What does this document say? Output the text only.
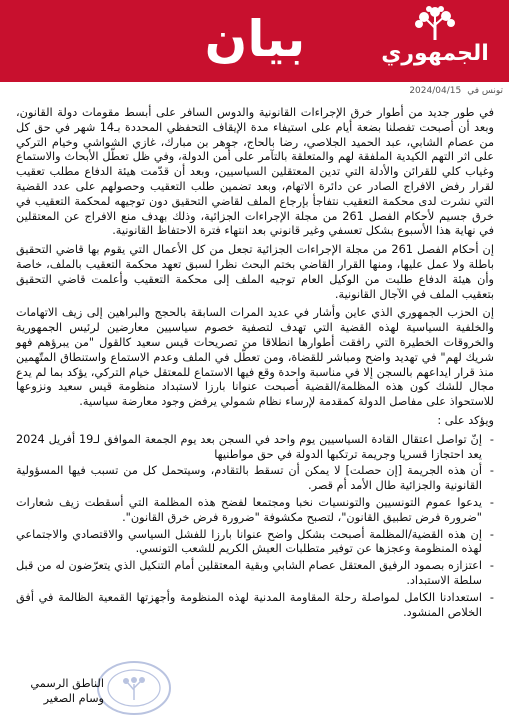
بيان	الجمهوري
تونس في2024/04/15

في طور جديد من أطوار خرق الإجراءات القانونية والدوس السافر على أبسط مقومات دولة القانون، وبعد أن أصبحت تفصلنا بضعة أيام على استيفاء مدة الإيقاف التحفظي المحددة بـ14 شهر في حق كل من عصام الشابي، عبد الحميد الجلاصي، رضا بالحاج، جوهر بن مبارك، غازي الشواشي وخيام التركي على اثر التهم الكيدية الملفقة لهم والمتعلقة بالتآمر على أمن الدولة، وفي ظل تعطّل الأبحاث والاستماع وغياب كلي للقرائن والأدلة التي تدين المعتقلين السياسيين، وبعد أن قدّمت هيئة الدفاع مطلب تعقيب لقرار رفض الافراج الصادر عن دائرة الاتهام، وبعد تضمين طلب التعقيب وحصولهم على عدد القضية التي نشرت لدى محكمة التعقيب نتفاجأ بإرجاع الملف لقاضي التحقيق دون توجيهه لمحكمة التعقيب في خرق جسيم لأحكام الفصل 261 من مجلة الإجراءات الجزائية، وذلك بهدف منع الافراج عن المعتقلين في نهاية هذا الأسبوع بشكل تعسفي وغير قانوني بعد انتهاء فترة الاحتفاظ القانونية.

إن أحكام الفصل 261 من مجلة الإجراءات الجزائية تجعل من كل الأعمال التي يقوم بها قاضي التحقيق باطلة ولا عمل عليها، ومنها القرار القاضي بختم البحث نظرا لسبق تعهد محكمة التعقيب بالملف، خاصة وأن هيئة الدفاع طلبت من الوكيل العام توجيه الملف إلى محكمة التعقيب وأعلمت قاضي التحقيق بتعقيب الملف في الآجال القانونية.

إن الحزب الجمهوري الذي عاين وأشار في عديد المرات السابقة بالحجج والبراهين إلى زيف الاتهامات والخلفية السياسية لهذه القضية التي تهدف لتصفية خصوم سياسيين معارضين لرئيس الجمهورية والخروقات الخطيرة التي رافقت أطوارها انطلاقا من تصريحات قيس سعيد كالقول "من يبرؤهم فهو شريك لهم" في تهديد واضح ومباشر للقضاة، ومن تعطّل في الملف وعدم الاستماع واستنطاق المتّهمين منذ قرار ايداعهم بالسجن إلا في مناسبة واحدة وقع فيها الاستماع للمعتقل خيام التركي، يؤكد بما لم يدع مجال للشك كون هذه المظلمة/القضية أصبحت عنوانا بارزا لاستبداد منظومة قيس سعيد ونزوعها للاستحواذ على مفاصل الدولة كمقدمة لإرساء نظام شمولي يرفض وجود معارضة سياسية.

ويؤكد على :

- إنّ تواصل اعتقال القادة السياسيين يوم واحد في السجن بعد يوم الجمعة الموافق لـ19 أفريل 2024 يعد احتجازا قسريا وجريمة ترتكبها الدولة في حق مواطنيها
- أن هذه الجريمة [إن حصلت] لا يمكن أن تسقط بالتقادم، وسيتحمل كل من تسبب فيها المسؤولية القانونية والجزائية طال الأمد أم قصر.
- يدعوا عموم التونسيين والتونسيات نخبا ومجتمعا لفضح هذه المظلمة التي أسقطت زيف شعارات "ضرورة فرض تطبيق القانون"، لتصبح مكشوفة "ضرورة فرض خرق القانون".
- إن هذه القضية/المظلمة أصبحت بشكل واضح عنوانا بارزا للفشل السياسي والاقتصادي والاجتماعي لهذه المنظومة وعجزها عن توفير متطلبات العيش الكريم للشعب التونسي.
- اعتزازه بصمود الرفيق المعتقل عصام الشابي وبقية المعتقلين أمام التنكيل الذي يتعرّضون له من قبل سلطة الاستبداد.
- استعدادنا الكامل لمواصلة رحلة المقاومة المدنية لهذه المنظومة وأجهزتها القمعية الظالمة في أفق الخلاص المنشود.
الناطق الرسمي
وسام الصغير
